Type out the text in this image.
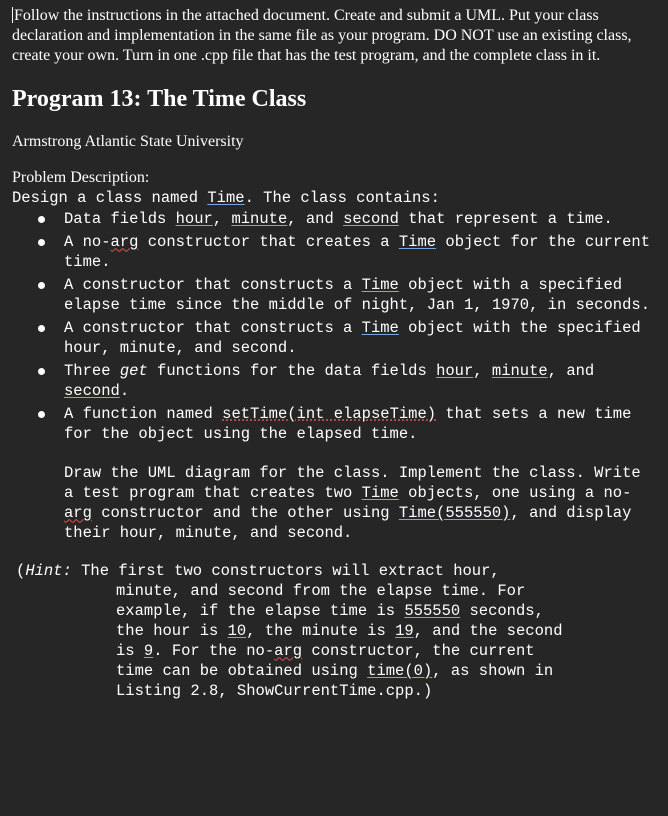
Follow the instructions in the attached document. Create and submit a UML. Put your class declaration and implementation in the same file as your program. DO NOT use an existing class, create your own. Turn in one .cpp file that has the test program, and the complete class in it.

Program 13: The Time Class

Armstrong Atlantic State University

Problem Description:

Design a class named Time. The class contains:

Data fields hour, minute, and second that represent a time.
A no-arg constructor that creates a Time object for the current time.
A constructor that constructs a Time object with a specified elapse time since the middle of night, Jan 1, 1970, in seconds.
A constructor that constructs a Time object with the specified hour, minute, and second.
Three get functions for the data fields hour, minute, and second.
A function named setTime(int elapseTime) that sets a new time for the object using the elapsed time.
Draw the UML diagram for the class. Implement the class. Write a test program that creates two Time objects, one using a no-arg constructor and the other using Time(555550), and display their hour, minute, and second.
(Hint: The first two constructors will extract hour,
minute, and second from the elapse time. For
example, if the elapse time is 555550 seconds,
the hour is 10, the minute is 19, and the second
is 9. For the no-arg constructor, the current
time can be obtained using time(0), as shown in
Listing 2.8, ShowCurrentTime.cpp.)
